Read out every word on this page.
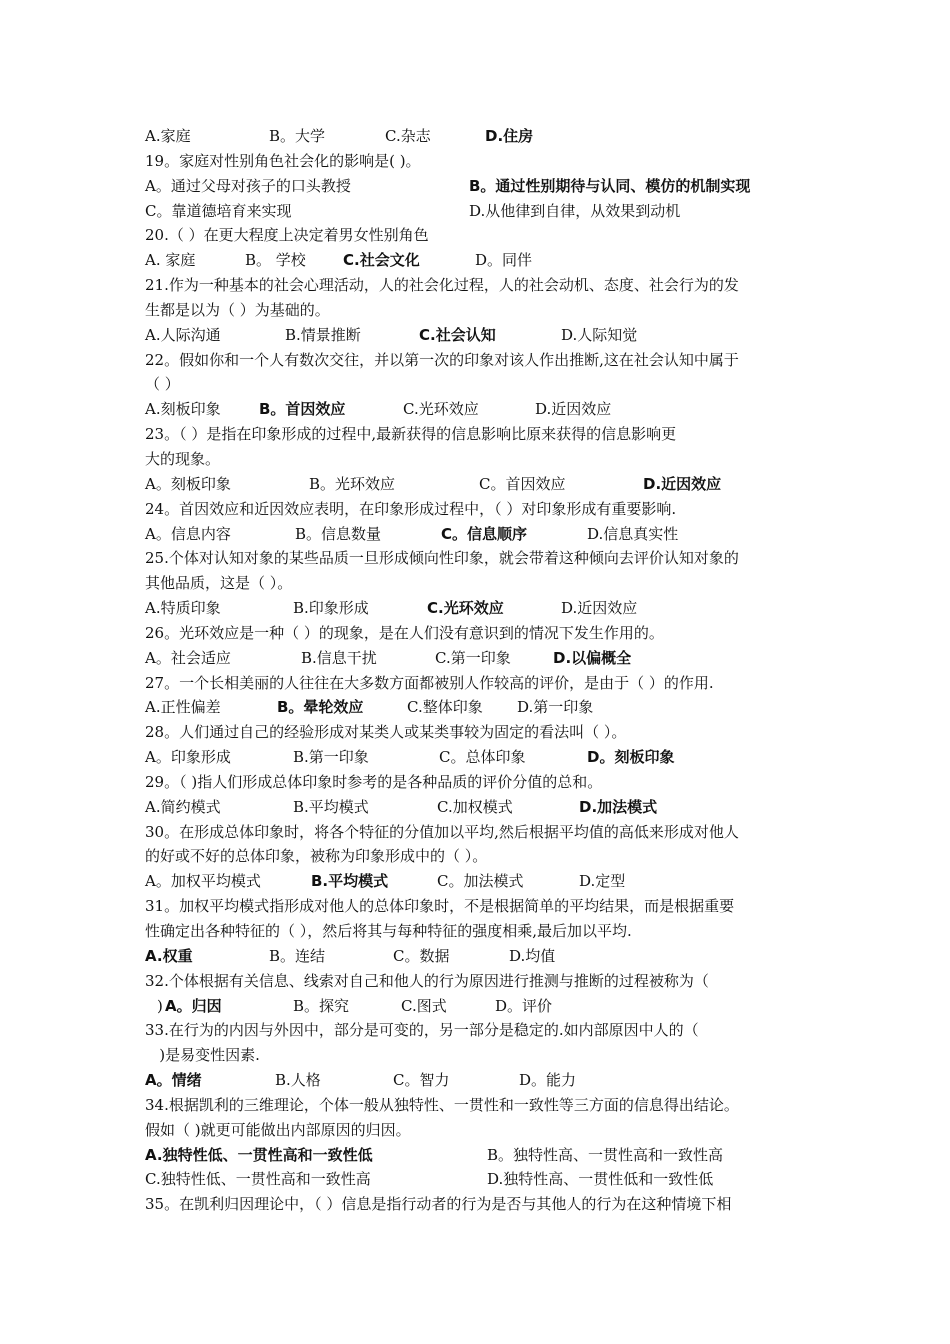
A.家庭	B。大学	C.杂志	D.住房
19。家庭对性别角色社会化的影响是( )。
A。通过父母对孩子的口头教授	B。通过性别期待与认同、模仿的机制实现
C。靠道德培育来实现	D.从他律到自律，从效果到动机
20.（ ）在更大程度上决定着男女性别角色
A. 家庭	B。 学校 C.社会文化	D。同伴
21.作为一种基本的社会心理活动，人的社会化过程，人的社会动机、态度、社会行为的发
生都是以为（ ）为基础的。
A.人际沟通	B.情景推断	C.社会认知	D.人际知觉
22。假如你和一个人有数次交往，并以第一次的印象对该人作出推断,这在社会认知中属于
（ ）
A.刻板印象	B。首因效应	C.光环效应	D.近因效应
23。（ ）是指在印象形成的过程中,最新获得的信息影响比原来获得的信息影响更
大的现象。
A。刻板印象	B。光环效应	C。首因效应	D.近因效应
24。首因效应和近因效应表明，在印象形成过程中，（ ）对印象形成有重要影响.
A。信息内容	B。信息数量	C。信息顺序	D.信息真实性
25.个体对认知对象的某些品质一旦形成倾向性印象，就会带着这种倾向去评价认知对象的
其他品质，这是（ ）。
A.特质印象	B.印象形成	C.光环效应	D.近因效应
26。光环效应是一种（ ）的现象，是在人们没有意识到的情况下发生作用的。
A。社会适应	B.信息干扰	C.第一印象	D.以偏概全
27。一个长相美丽的人往往在大多数方面都被别人作较高的评价，是由于（ ）的作用.
A.正性偏差	B。晕轮效应	C.整体印象 D.第一印象
28。人们通过自己的经验形成对某类人或某类事较为固定的看法叫（ ）。
A。印象形成	B.第一印象	C。总体印象	D。刻板印象
29。（ )指人们形成总体印象时参考的是各种品质的评价分值的总和。
A.简约模式	B.平均模式	C.加权模式	D.加法模式
30。在形成总体印象时，将各个特征的分值加以平均,然后根据平均值的高低来形成对他人
的好或不好的总体印象，被称为印象形成中的（ ）。
A。加权平均模式	B.平均模式	C。加法模式	D.定型
31。加权平均模式指形成对他人的总体印象时，不是根据简单的平均结果，而是根据重要
性确定出各种特征的（ ），然后将其与每种特征的强度相乘,最后加以平均.
A.权重	B。连结	C。数据	D.均值
32.个体根据有关信息、线索对自己和他人的行为原因进行推测与推断的过程被称为（
) A。归因	B。探究	C.图式	D。评价
33.在行为的内因与外因中，部分是可变的，另一部分是稳定的.如内部原因中人的（
)是易变性因素.
A。情绪	B.人格	C。智力	D。能力
34.根据凯利的三维理论，个体一般从独特性、一贯性和一致性等三方面的信息得出结论。
假如（ )就更可能做出内部原因的归因。
A.独特性低、一贯性高和一致性低	B。独特性高、一贯性高和一致性高
C.独特性低、一贯性高和一致性高	D.独特性高、一贯性低和一致性低
35。在凯利归因理论中，（ ）信息是指行动者的行为是否与其他人的行为在这种情境下相
